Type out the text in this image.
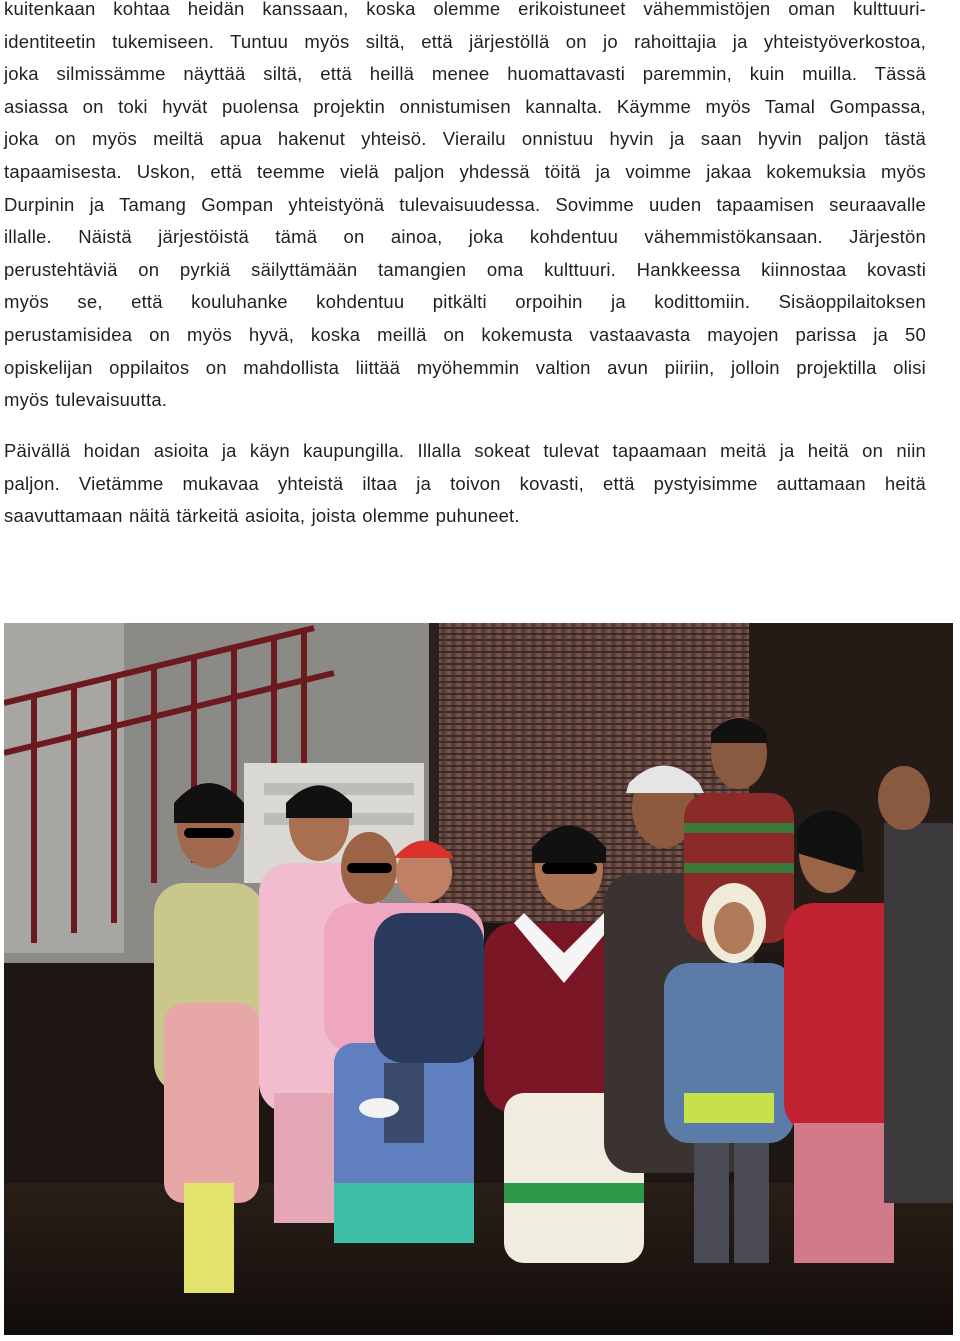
kuitenkaan kohtaa heidän kanssaan, koska olemme erikoistuneet vähemmistöjen oman kulttuuri-
identiteetin tukemiseen. Tuntuu myös siltä, että järjestöllä on jo rahoittajia ja yhteistyöverkostoa,
joka silmissämme näyttää siltä, että heillä menee huomattavasti paremmin, kuin muilla. Tässä
asiassa on toki hyvät puolensa projektin onnistumisen kannalta. Käymme myös Tamal Gompassa,
joka on myös meiltä apua hakenut yhteisö. Vierailu onnistuu hyvin ja saan hyvin paljon tästä
tapaamisesta. Uskon, että teemme vielä paljon yhdessä töitä ja voimme jakaa kokemuksia myös
Durpinin ja Tamang Gompan yhteistyönä tulevaisuudessa. Sovimme uuden tapaamisen seuraavalle
illalle. Näistä järjestöistä tämä on ainoa, joka kohdentuu vähemmistökansaan. Järjestön
perustehtäviä on pyrkiä säilyttämään tamangien oma kulttuuri. Hankkeessa kiinnostaa kovasti
myös se, että kouluhanke kohdentuu pitkälti orpoihin ja kodittomiin. Sisäoppilaitoksen
perustamisidea on myös hyvä, koska meillä on kokemusta vastaavasta mayojen parissa ja 50
opiskelijan oppilaitos on mahdollista liittää myöhemmin valtion avun piiriin, jolloin projektilla olisi
myös tulevaisuutta.
Päivällä hoidan asioita ja käyn kaupungilla. Illalla sokeat tulevat tapaamaan meitä ja heitä on niin
paljon. Vietämme mukavaa yhteistä iltaa ja toivon kovasti, että pystyisimme auttamaan heitä
saavuttamaan näitä tärkeitä asioita, joista olemme puhuneet.
